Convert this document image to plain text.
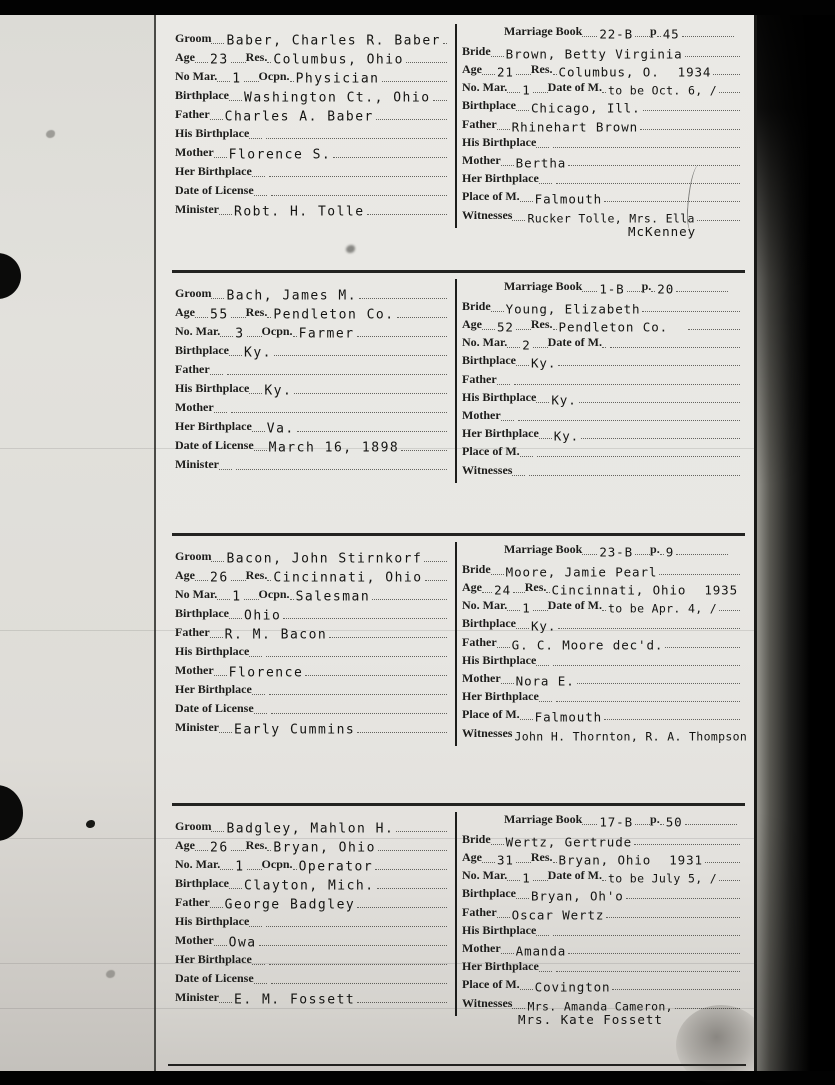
Groom Baber, Charles R. Baber
Age 23 Res. Columbus, Ohio
No Mar. 1 Ocpn. Physician
Birthplace Washington Ct., Ohio
Father Charles A. Baber
His Birthplace
Mother Florence S.
Her Birthplace
Date of License
Minister Robt. H. Tolle
Marriage Book 22-B p 45
Bride Brown, Betty Virginia
Age 21 Res. Columbus, O. 1934
No. Mar. 1 Date of M. to be Oct. 6, /
Birthplace Chicago, Ill.
Father Rhinehart Brown
His Birthplace
Mother Bertha
Her Birthplace
Place of M. Falmouth
Witnesses Rucker Tolle, Mrs. Ella
McKenney
Groom Bach, James M.
Age 55 Res. Pendleton Co.
No. Mar. 3 Ocpn. Farmer
Birthplace Ky.
Father
His Birthplace Ky.
Mother
Her Birthplace Va.
Date of License March 16, 1898
Minister
Marriage Book 1-B p. 20
Bride Young, Elizabeth
Age 52 Res. Pendleton Co.
No. Mar. 2 Date of M.
Birthplace Ky.
Father
His Birthplace Ky.
Mother
Her Birthplace Ky.
Place of M.
Witnesses
Groom Bacon, John Stirnkorf
Age 26 Res. Cincinnati, Ohio
No Mar. 1 Ocpn. Salesman
Birthplace Ohio
Father R. M. Bacon
His Birthplace
Mother Florence
Her Birthplace
Date of License
Minister Early Cummins
Marriage Book 23-B p. 9
Bride Moore, Jamie Pearl
Age 24 Res. Cincinnati, Ohio 1935
No. Mar. 1 Date of M. to be Apr. 4, /
Birthplace Ky.
Father G. C. Moore dec'd.
His Birthplace
Mother Nora E.
Her Birthplace
Place of M. Falmouth
Witnesses John H. Thornton, R. A. Thompson
Groom Badgley, Mahlon H.
Age 26 Res. Bryan, Ohio
No. Mar. 1 Ocpn. Operator
Birthplace Clayton, Mich.
Father George Badgley
His Birthplace
Mother Owa
Her Birthplace
Date of License
Minister E. M. Fossett
Marriage Book 17-B p. 50
Bride Wertz, Gertrude
Age 31 Res. Bryan, Ohio 1931
No. Mar. 1 Date of M. to be July 5, /
Birthplace Bryan, Oh'o
Father Oscar Wertz
His Birthplace
Mother Amanda
Her Birthplace
Place of M. Covington
Witnesses Mrs. Amanda Cameron,
Mrs. Kate Fossett
